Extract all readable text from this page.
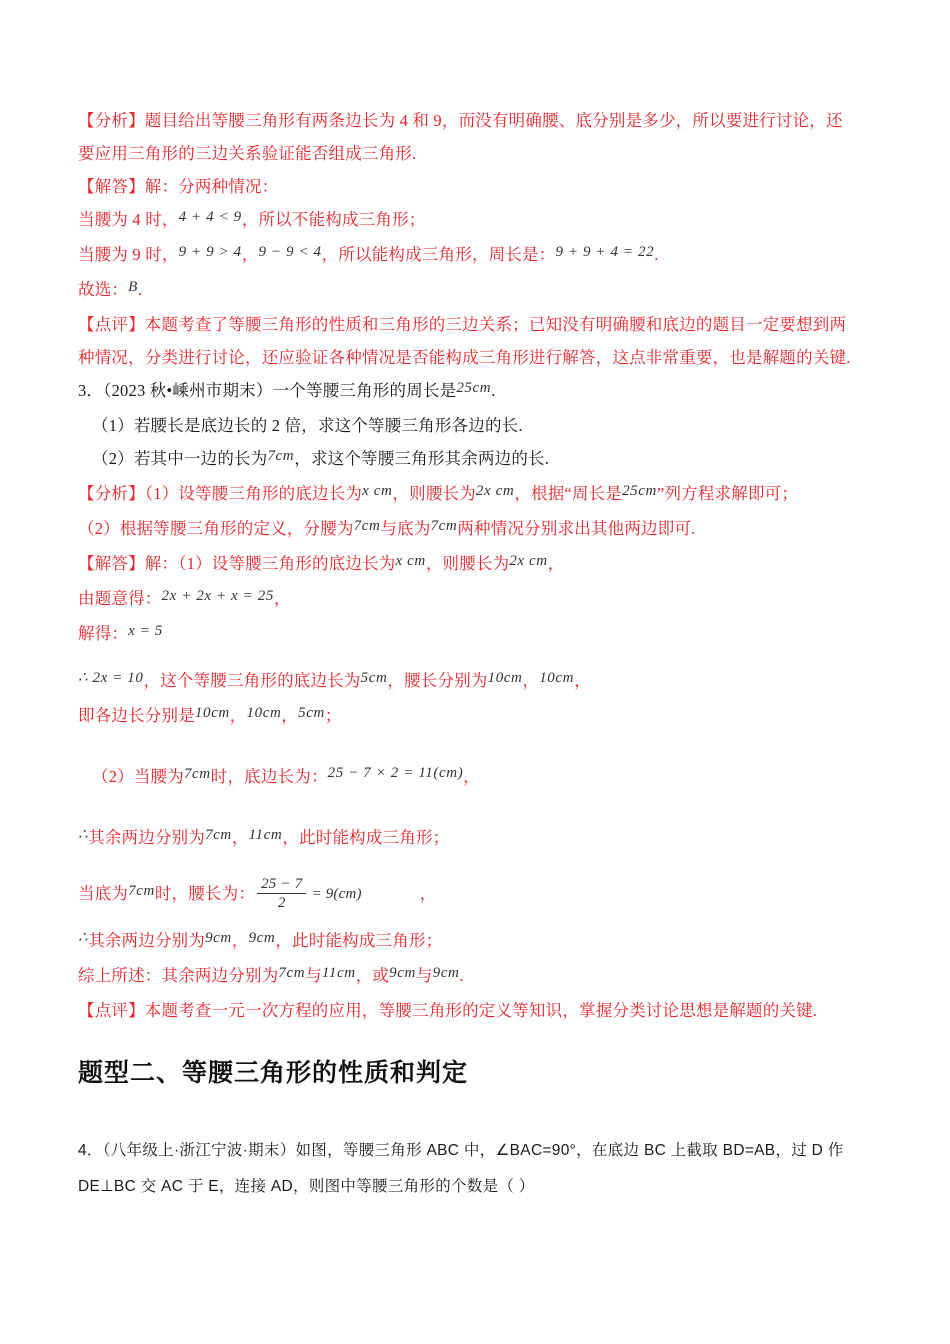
【分析】题目给出等腰三角形有两条边长为 4 和 9，而没有明确腰、底分别是多少，所以要进行讨论，还
要应用三角形的三边关系验证能否组成三角形.
【解答】解：分两种情况：
当腰为 4 时，4 + 4 < 9，所以不能构成三角形；
当腰为 9 时，9 + 9 > 4，9 − 9 < 4，所以能构成三角形，周长是：9 + 9 + 4 = 22.
故选：B.
【点评】本题考查了等腰三角形的性质和三角形的三边关系；已知没有明确腰和底边的题目一定要想到两
种情况，分类进行讨论，还应验证各种情况是否能构成三角形进行解答，这点非常重要，也是解题的关键.
3．（2023 秋•嵊州市期末）一个等腰三角形的周长是25cm.
（1）若腰长是底边长的 2 倍，求这个等腰三角形各边的长.
（2）若其中一边的长为7cm，求这个等腰三角形其余两边的长.
【分析】（1）设等腰三角形的底边长为x cm，则腰长为2x cm，根据“周长是25cm”列方程求解即可；
（2）根据等腰三角形的定义，分腰为7cm与底为7cm两种情况分别求出其他两边即可.
【解答】解：（1）设等腰三角形的底边长为x cm，则腰长为2x cm，
由题意得：2x + 2x + x = 25，
解得：x = 5
∴ 2x = 10，这个等腰三角形的底边长为5cm，腰长分别为10cm，10cm，
即各边长分别是10cm，10cm，5cm；
（2）当腰为7cm时，底边长为：25 − 7 × 2 = 11(cm)，
∴其余两边分别为7cm，11cm，此时能构成三角形；
当底为7cm时，腰长为： $\frac{25 - 7}{2} = 9(cm)$	，
∴其余两边分别为9cm，9cm，此时能构成三角形；
综上所述：其余两边分别为7cm与11cm，或9cm与9cm.
【点评】本题考查一元一次方程的应用，等腰三角形的定义等知识，掌握分类讨论思想是解题的关键.
题型二、等腰三角形的性质和判定
4．（八年级上·浙江宁波·期末）如图，等腰三角形 ABC 中，∠BAC=90°，在底边 BC 上截取 BD=AB，过 D 作
DE⊥BC 交 AC 于 E，连接 AD，则图中等腰三角形的个数是（ ）
